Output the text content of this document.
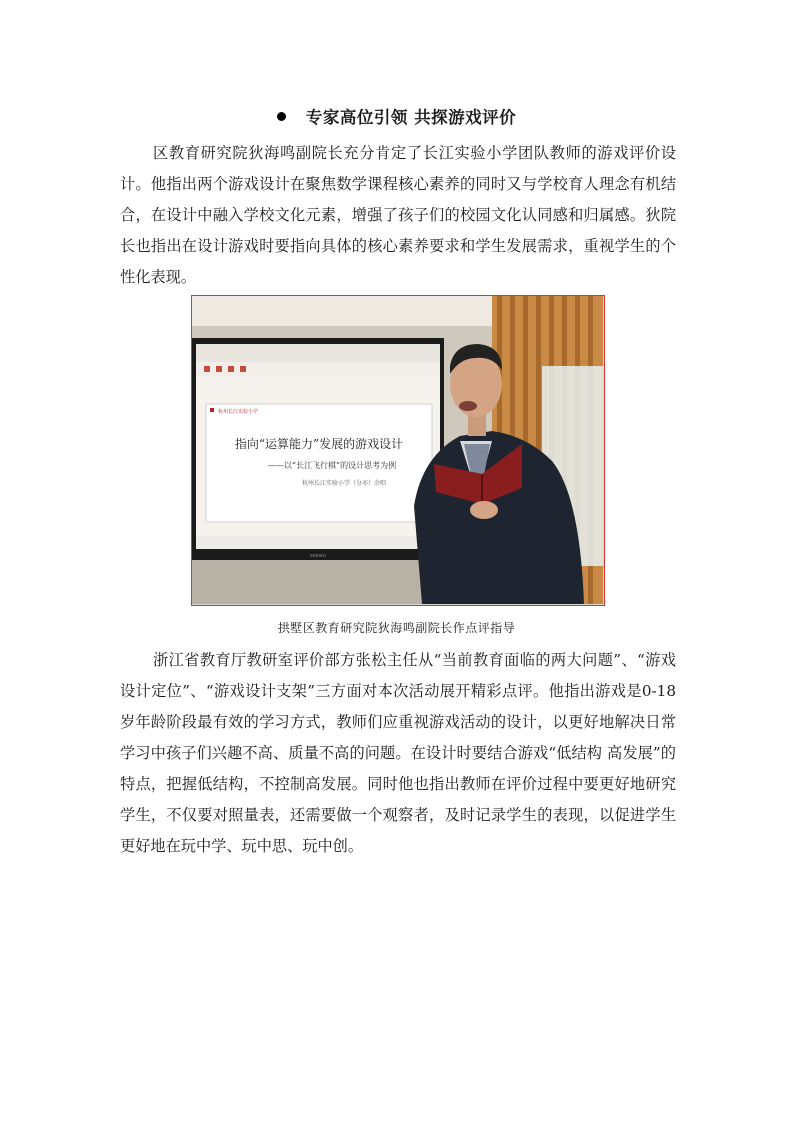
专家高位引领 共探游戏评价

区教育研究院狄海鸣副院长充分肯定了长江实验小学团队教师的游戏评价设计。他指出两个游戏设计在聚焦数学课程核心素养的同时又与学校育人理念有机结合，在设计中融入学校文化元素，增强了孩子们的校园文化认同感和归属感。狄院长也指出在设计游戏时要指向具体的核心素养要求和学生发展需求，重视学生的个性化表现。

杭州长江实验小学
指向“运算能力”发展的游戏设计
——以“长江飞行棋”的设计思考为例
杭州长江实验小学（分亦）余唱
seewo
拱墅区教育研究院狄海鸣副院长作点评指导

浙江省教育厅教研室评价部方张松主任从“当前教育面临的两大问题”、“游戏设计定位”、“游戏设计支架”三方面对本次活动展开精彩点评。他指出游戏是0-18岁年龄阶段最有效的学习方式，教师们应重视游戏活动的设计，以更好地解决日常学习中孩子们兴趣不高、质量不高的问题。在设计时要结合游戏“低结构 高发展”的特点，把握低结构，不控制高发展。同时他也指出教师在评价过程中要更好地研究学生，不仅要对照量表，还需要做一个观察者，及时记录学生的表现，以促进学生更好地在玩中学、玩中思、玩中创。
